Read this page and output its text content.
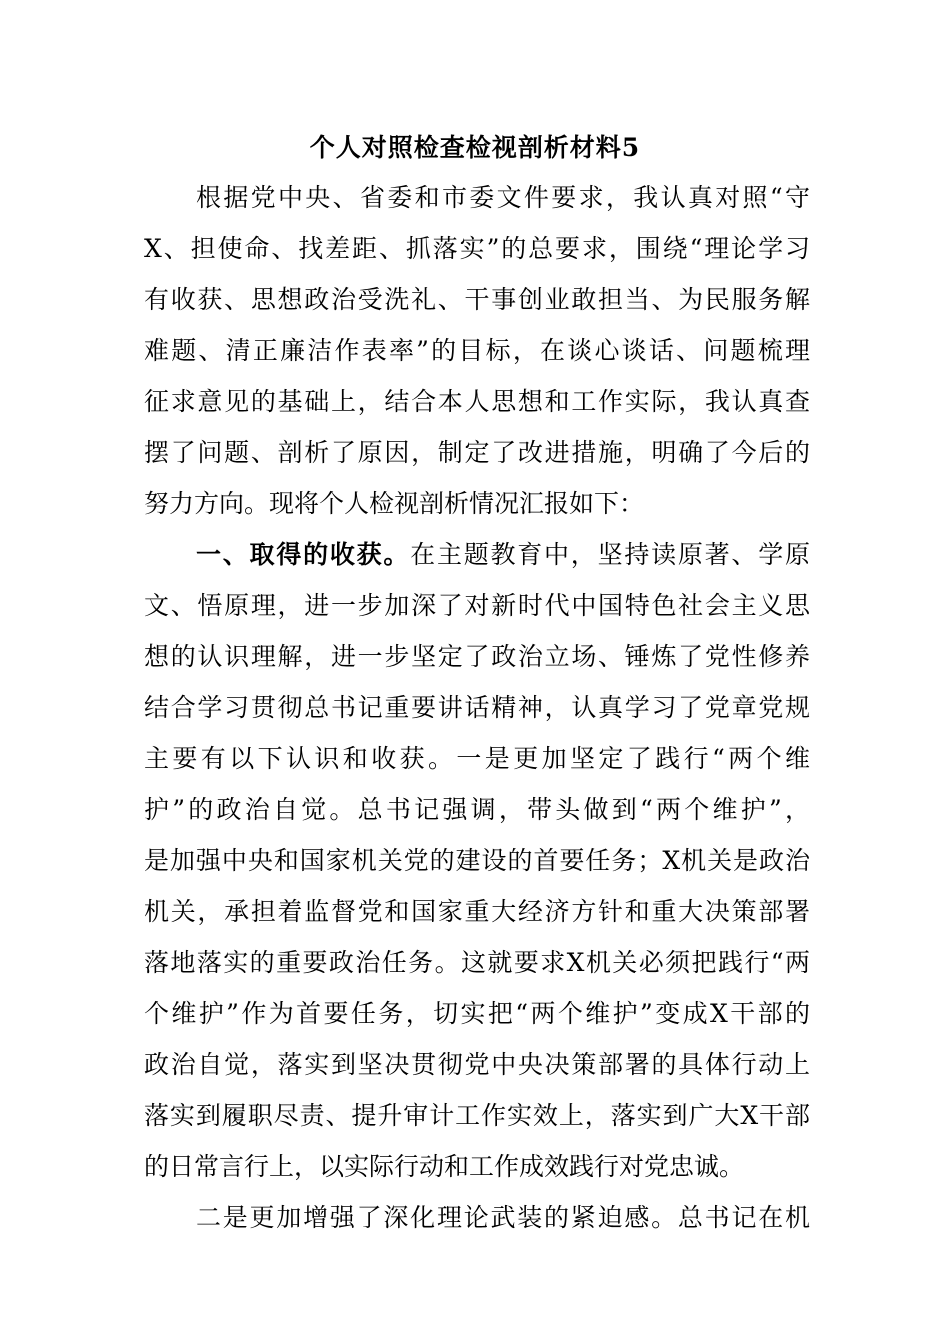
个人对照检查检视剖析材料5

根据党中央、省委和市委文件要求，我认真对照“守

X、担使命、找差距、抓落实”的总要求，围绕“理论学习

有收获、思想政治受洗礼、干事创业敢担当、为民服务解

难题、清正廉洁作表率”的目标，在谈心谈话、问题梳理

征求意见的基础上，结合本人思想和工作实际，我认真查

摆了问题、剖析了原因，制定了改进措施，明确了今后的

努力方向。现将个人检视剖析情况汇报如下：

一、取得的收获。在主题教育中，坚持读原著、学原

文、悟原理，进一步加深了对新时代中国特色社会主义思

想的认识理解，进一步坚定了政治立场、锤炼了党性修养

结合学习贯彻总书记重要讲话精神，认真学习了党章党规

主要有以下认识和收获。一是更加坚定了践行“两个维

护”的政治自觉。总书记强调，带头做到“两个维护”，

是加强中央和国家机关党的建设的首要任务；X机关是政治

机关，承担着监督党和国家重大经济方针和重大决策部署

落地落实的重要政治任务。这就要求X机关必须把践行“两

个维护”作为首要任务，切实把“两个维护”变成X干部的

政治自觉，落实到坚决贯彻党中央决策部署的具体行动上

落实到履职尽责、提升审计工作实效上，落实到广大X干部

的日常言行上，以实际行动和工作成效践行对党忠诚。

二是更加增强了深化理论武装的紧迫感。总书记在机
